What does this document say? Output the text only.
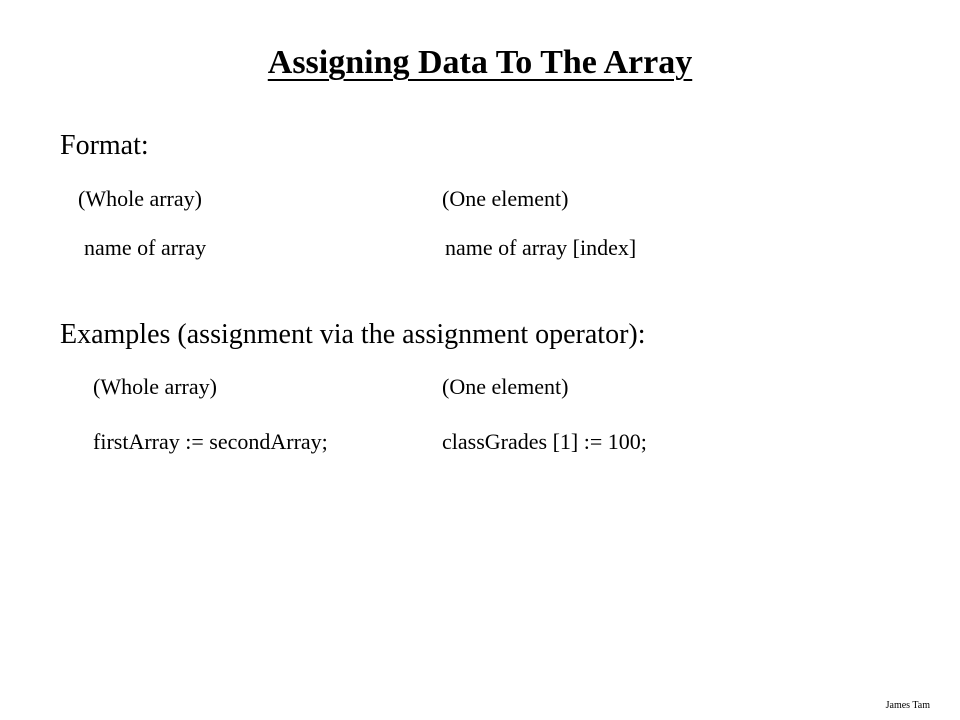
Assigning Data To The Array
Format:
(Whole array)	(One element)
name of array	name of array [index]
Examples (assignment via the assignment operator):
(Whole array)	(One element)
firstArray := secondArray;	classGrades [1] := 100;
James Tam
